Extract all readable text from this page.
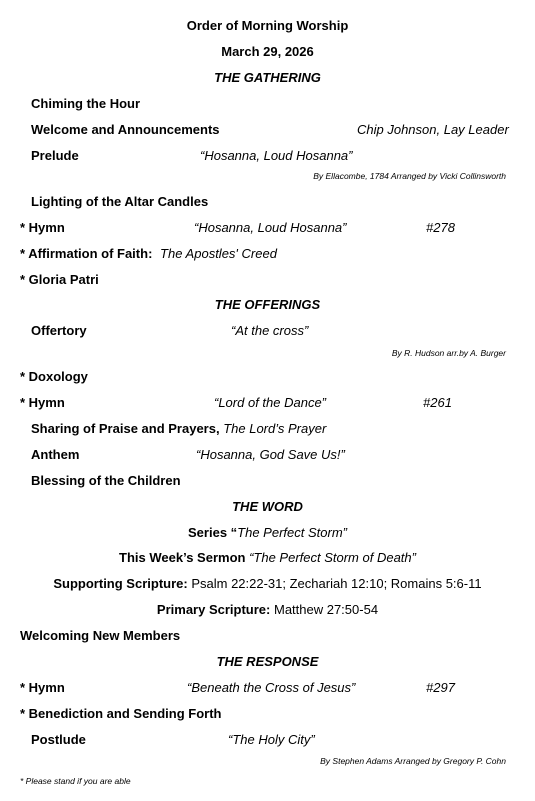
Order of Morning Worship
March 29, 2026
THE GATHERING
Chiming the Hour
Welcome and Announcements	Chip Johnson, Lay Leader
Prelude	“Hosanna, Loud Hosanna”
By Ellacombe, 1784 Arranged by Vicki Collinsworth
Lighting of the Altar Candles
* Hymn	“Hosanna, Loud Hosanna”	#278
* Affirmation of Faith: The Apostles' Creed
* Gloria Patri
THE OFFERINGS
Offertory	“At the cross”
By R. Hudson arr.by A. Burger
* Doxology
* Hymn	“Lord of the Dance”	#261
Sharing of Praise and Prayers, The Lord’s Prayer
Anthem	“Hosanna, God Save Us!”
Blessing of the Children
THE WORD
Series “The Perfect Storm”
This Week’s Sermon “The Perfect Storm of Death”
Supporting Scripture: Psalm 22:22-31; Zechariah 12:10; Romains 5:6-11
Primary Scripture: Matthew 27:50-54
Welcoming New Members
THE RESPONSE
* Hymn	“Beneath the Cross of Jesus”	#297
* Benediction and Sending Forth
Postlude	“The Holy City”
By Stephen Adams Arranged by Gregory P. Cohn
* Please stand if you are able
